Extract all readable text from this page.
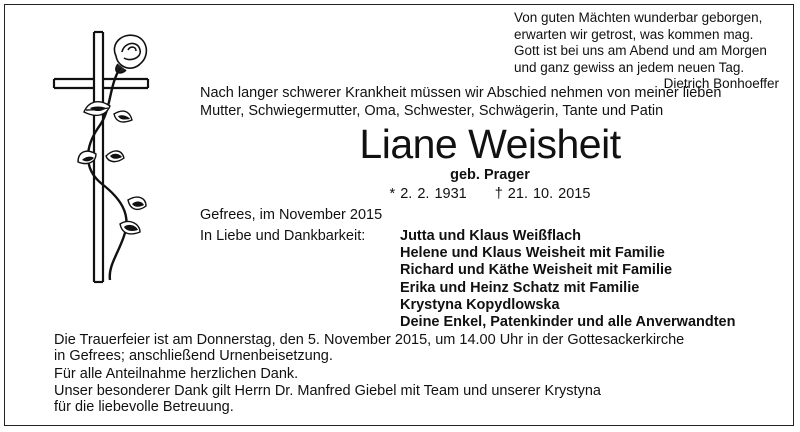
Von guten Mächten wunderbar geborgen,
erwarten wir getrost, was kommen mag.
Gott ist bei uns am Abend und am Morgen
und ganz gewiss an jedem neuen Tag.
Dietrich Bonhoeffer
Nach langer schwerer Krankheit müssen wir Abschied nehmen von meiner lieben
Mutter, Schwiegermutter, Oma, Schwester, Schwägerin, Tante und Patin
Liane Weisheit
geb. Prager
* 2. 2. 1931 † 21. 10. 2015
Gefrees, im November 2015
In Liebe und Dankbarkeit: Jutta und Klaus Weißflach
Helene und Klaus Weisheit mit Familie
Richard und Käthe Weisheit mit Familie
Erika und Heinz Schatz mit Familie
Krystyna Kopydlowska
Deine Enkel, Patenkinder und alle Anverwandten
Die Trauerfeier ist am Donnerstag, den 5. November 2015, um 14.00 Uhr in der Gottesackerkirche
in Gefrees; anschließend Urnenbeisetzung.
Für alle Anteilnahme herzlichen Dank.
Unser besonderer Dank gilt Herrn Dr. Manfred Giebel mit Team und unserer Krystyna
für die liebevolle Betreuung.
